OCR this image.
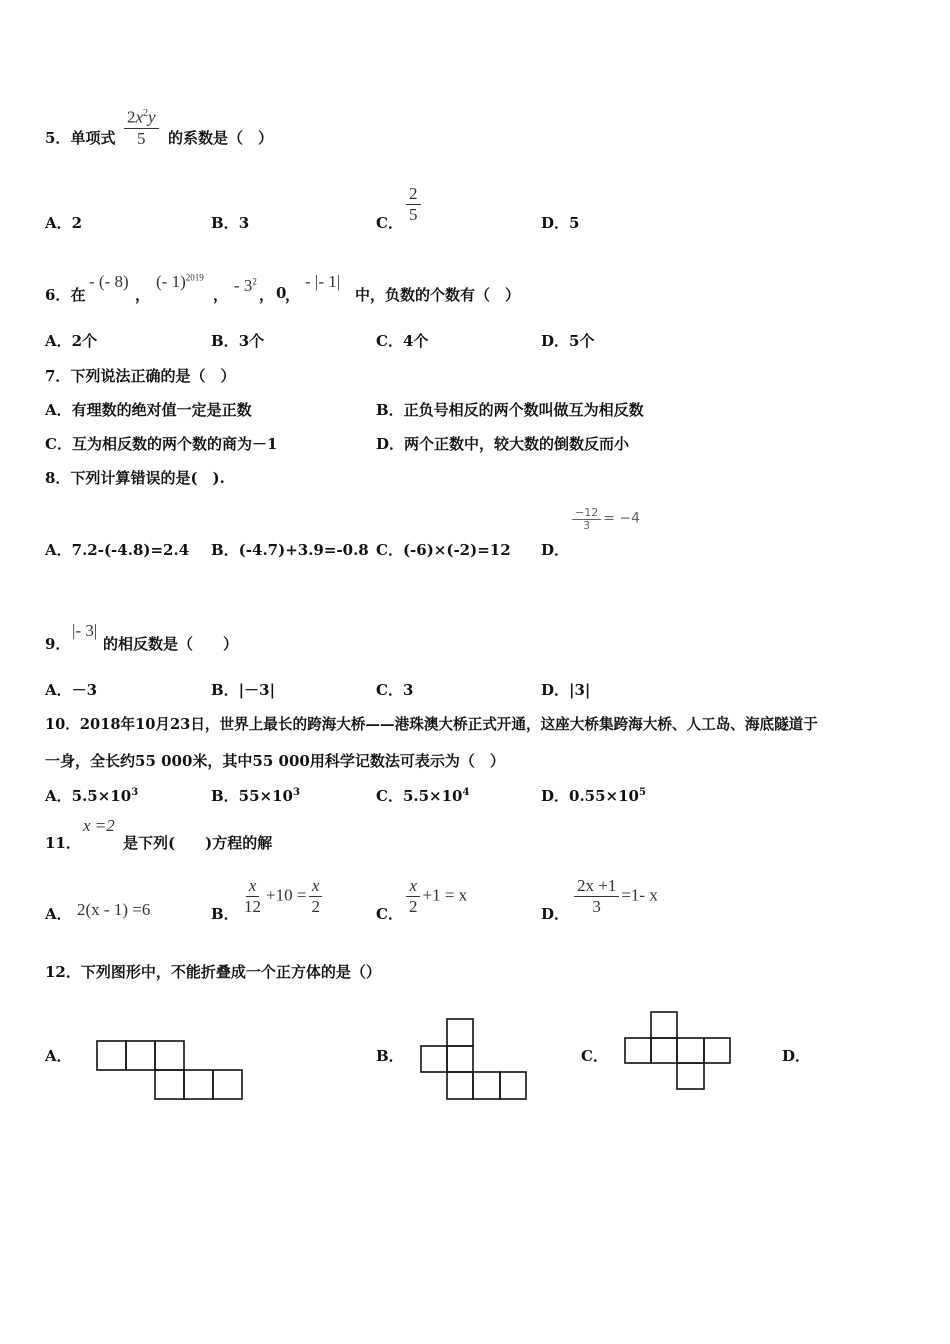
5．单项式 $\frac{2x^2y}{5}$ 的系数是（　）
A．2	B．3	C． $\frac{2}{5}$	D．5
6．在
- (- 8)
，
(- 1)$^{2019}$
， - $3^2$
， 0
，
- |- 1|
中，负数的个数有（　）
A．2个	B．3个	C．4个	D．5个
7．下列说法正确的是（　）
A．有理数的绝对值一定是正数	B．正负号相反的两个数叫做互为相反数
C．互为相反数的两个数的商为－1	D．两个正数中，较大数的倒数反而小
8．下列计算错误的是(　).
A．7.2-(-4.8)=2.4 B．(-4.7)+3.9=-0.8 C．(-6)×(-2)=12 D．
$\frac{-12}{3} = -4$
9．
|- 3|
的相反数是（　　）
A．－3	B．|－3|	C．3	D．|3|
10．2018年10月23日，世界上最长的跨海大桥——港珠澳大桥正式开通，这座大桥集跨海大桥、人工岛、海底隧道于
一身，全长约55 000米，其中55 000用科学记数法可表示为（　）
A．$5.5\times 10^3$	B．$55\times 10^3$	C．$5.5\times 10^4$	D．$0.55\times 10^5$
11．
x =2
是下列(　　)方程的解
A． 2(x - 1) =6	B． $\frac{x}{12} +10 = \frac{x}{2}$	C． $\frac{x}{2} +1 = x$
D． $\frac{2x +1}{3} =1-$ x
12．下列图形中，不能折叠成一个正方体的是（）
A．	B．	C．	D．
